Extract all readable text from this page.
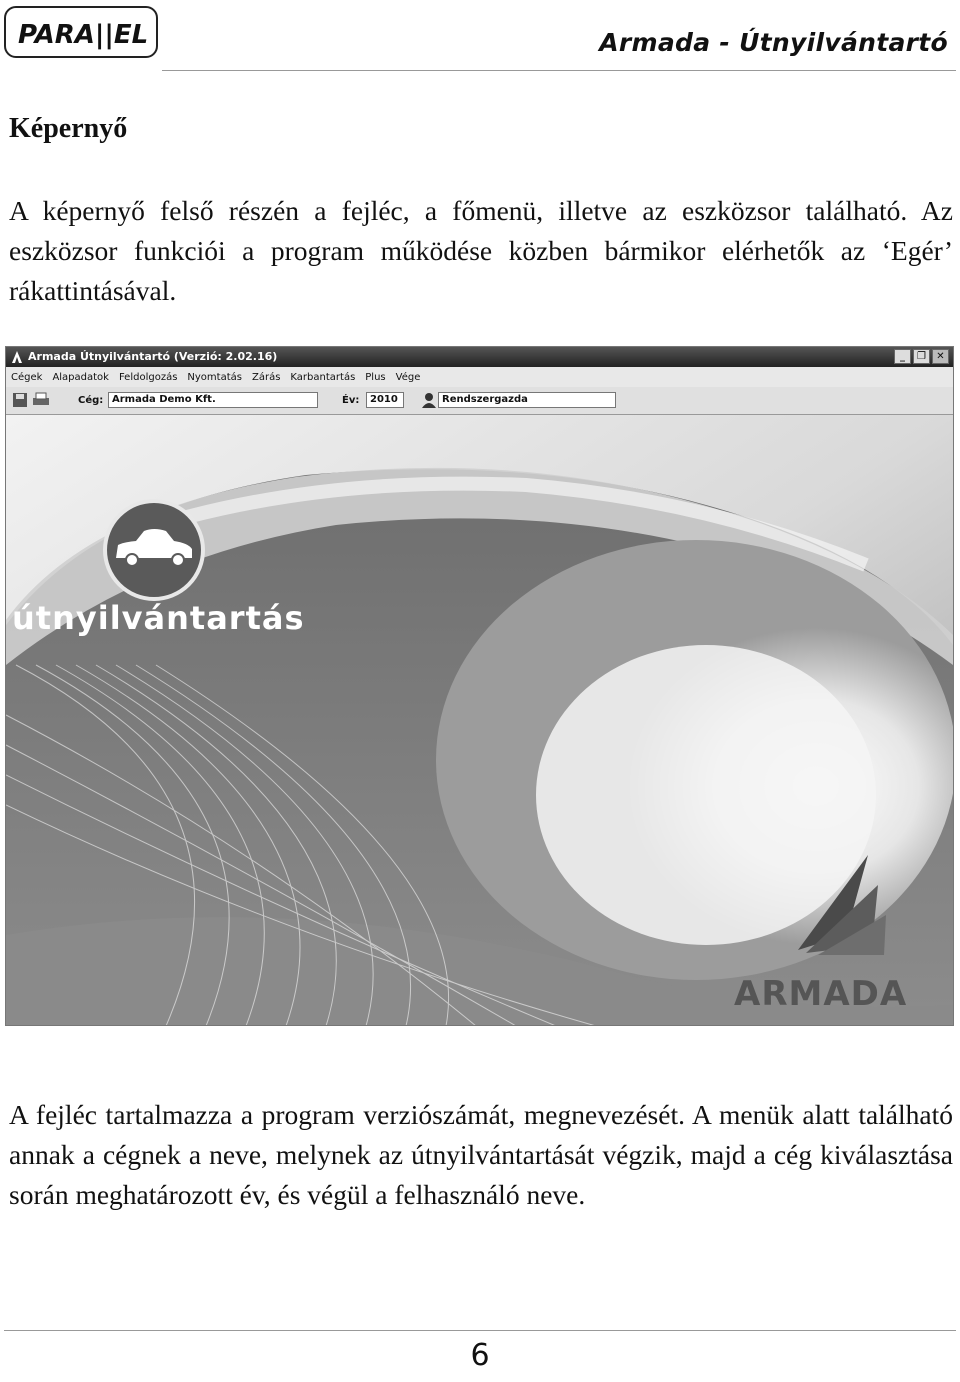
PARA||EL	Armada - Útnyilvántartó
Képernyő
A képernyő felső részén a fejléc, a főmenü, illetve az eszközsor található. Az eszközsor funkciói a program működése közben bármikor elérhetők az ‘Egér’ rákattintásával.
Armada Útnyilvántartó (Verzió: 2.02.16)	_	❐	✕
Cégek	Alapadatok	Feldolgozás	Nyomtatás	Zárás	Karbantartás	Plus	Vége
Cég: Armada Demo Kft.	Év:	2010	Rendszergazda
útnyilvántartás
ARMADA
A fejléc tartalmazza a program verziószámát, megnevezését. A menük alatt található annak a cégnek a neve, melynek az útnyilvántartását végzik, majd a cég kiválasztása során meghatározott év, és végül a felhasználó neve.
6
